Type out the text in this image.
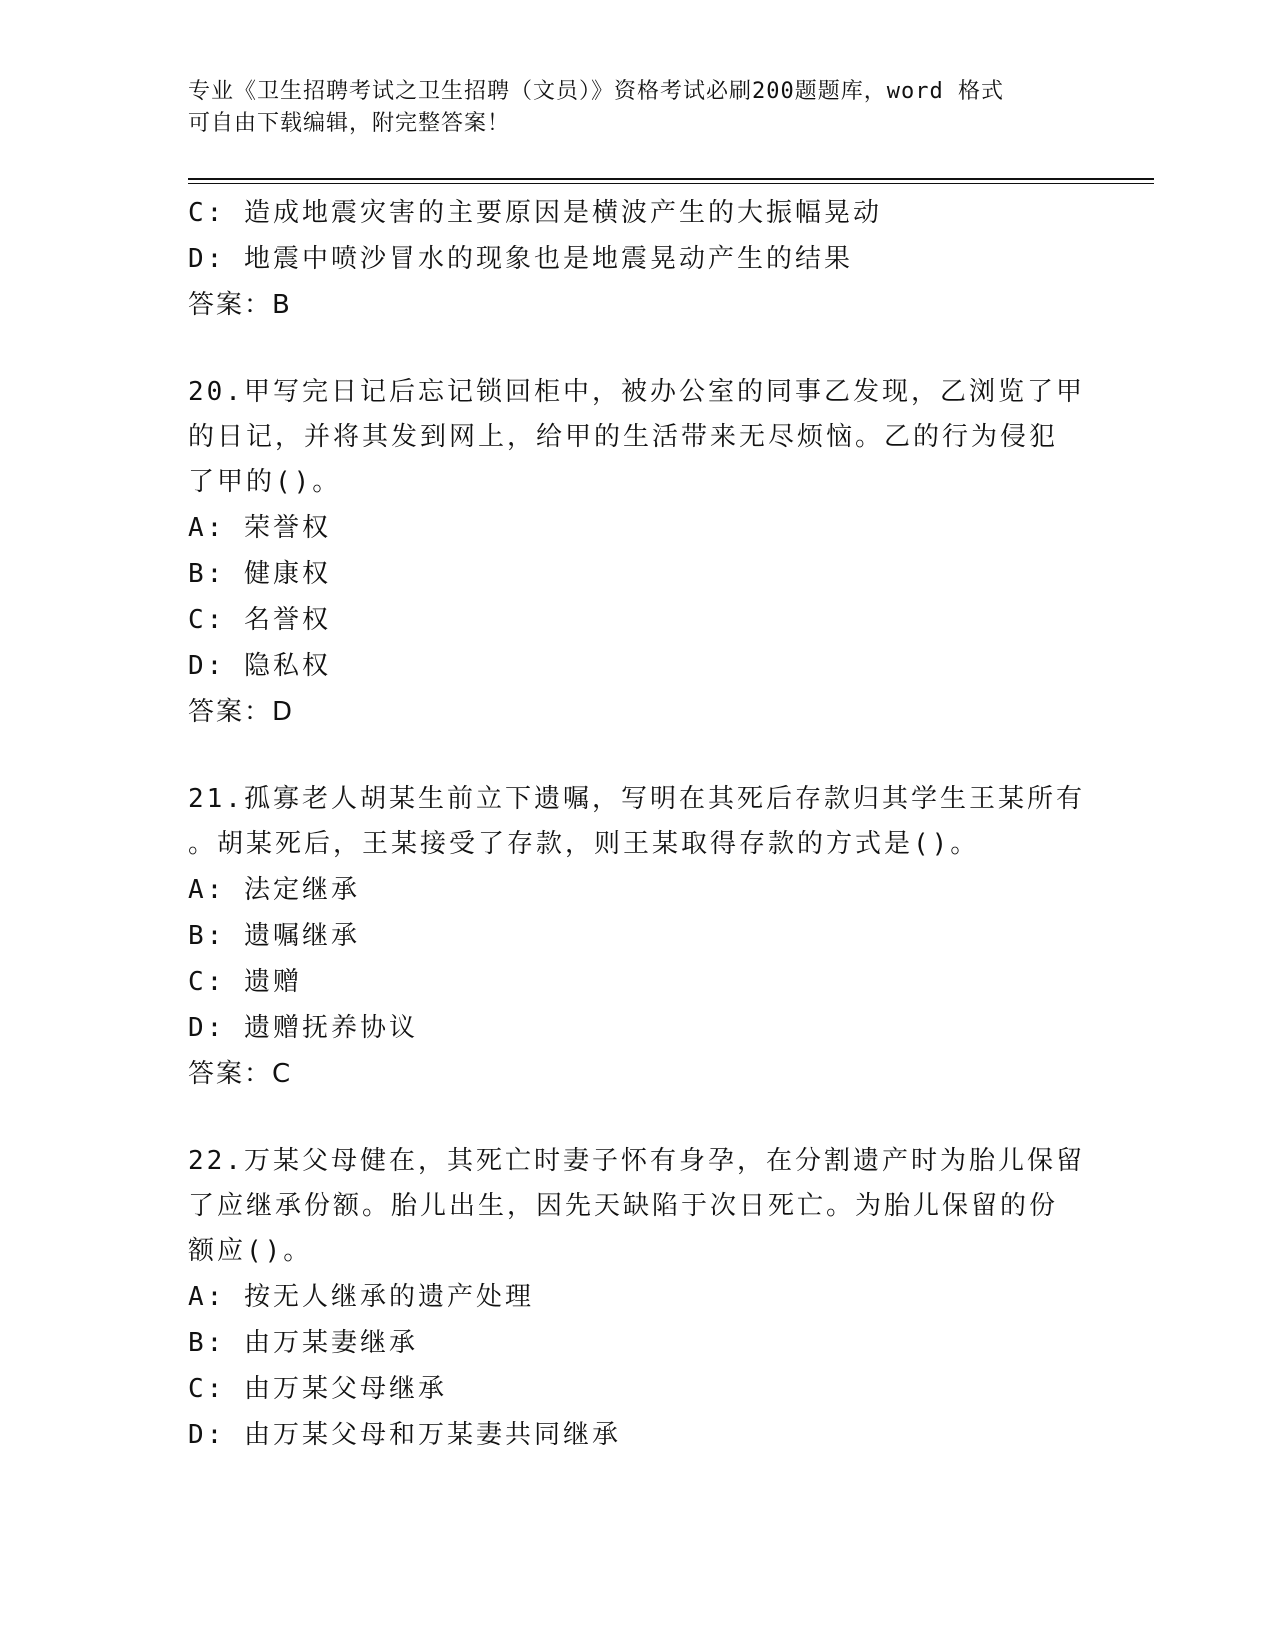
专业《卫生招聘考试之卫生招聘（文员）》资格考试必刷200题题库，word 格式
可自由下载编辑，附完整答案！
C: 造成地震灾害的主要原因是横波产生的大振幅晃动
D: 地震中喷沙冒水的现象也是地震晃动产生的结果
答案：B
20.甲写完日记后忘记锁回柜中，被办公室的同事乙发现，乙浏览了甲
的日记，并将其发到网上，给甲的生活带来无尽烦恼。乙的行为侵犯
了甲的()。
A: 荣誉权
B: 健康权
C: 名誉权
D: 隐私权
答案：D
21.孤寡老人胡某生前立下遗嘱，写明在其死后存款归其学生王某所有
。胡某死后，王某接受了存款，则王某取得存款的方式是()。
A: 法定继承
B: 遗嘱继承
C: 遗赠
D: 遗赠抚养协议
答案：C
22.万某父母健在，其死亡时妻子怀有身孕，在分割遗产时为胎儿保留
了应继承份额。胎儿出生，因先天缺陷于次日死亡。为胎儿保留的份
额应()。
A: 按无人继承的遗产处理
B: 由万某妻继承
C: 由万某父母继承
D: 由万某父母和万某妻共同继承
